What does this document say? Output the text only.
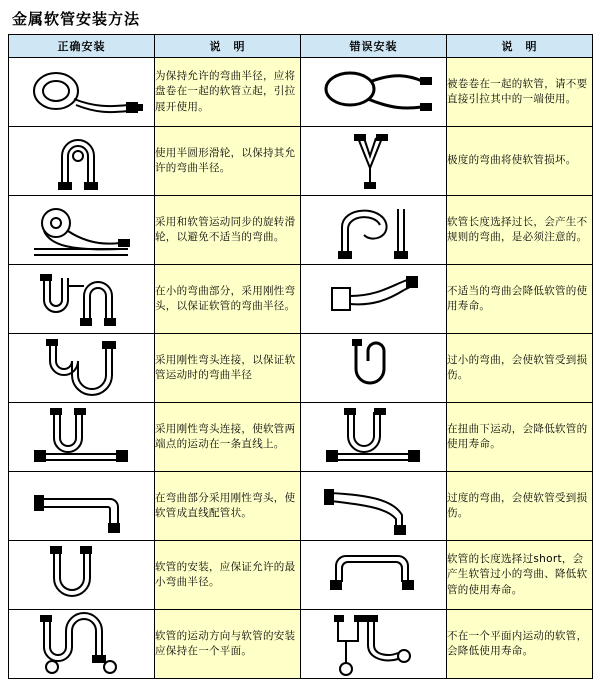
金属软管安装方法
正确安装	说　明	错误安装	说　明

	为保持允许的弯曲半径，应将盘卷在一起的软管立起，引拉展开使用。		被卷卷在一起的软管，请不要直接引拉其中的一端使用。

	使用半圆形滑轮，以保持其允许的弯曲半径。		极度的弯曲将使软管损坏。

	采用和软管运动同步的旋转滑轮，以避免不适当的弯曲。		软管长度选择过长，会产生不规则的弯曲，是必须注意的。

	在小的弯曲部分，采用刚性弯头，以保证软管的弯曲半径。		不适当的弯曲会降低软管的使用寿命。

	采用刚性弯头连接，以保证软管运动时的弯曲半径		过小的弯曲，会使软管受到损伤。

	采用刚性弯头连接，使软管两端点的运动在一条直线上。		在扭曲下运动，会降低软管的使用寿命。

	在弯曲部分采用刚性弯头，使软管成直线配管状。		过度的弯曲，会使软管受到损伤。

	软管的安装，应保证允许的最小弯曲半径。		软管的长度选择过short，会产生软管过小的弯曲、降低软管的使用寿命。

	软管的运动方向与软管的安装应保持在一个平面。		不在一个平面内运动的软管，会降低使用寿命。
